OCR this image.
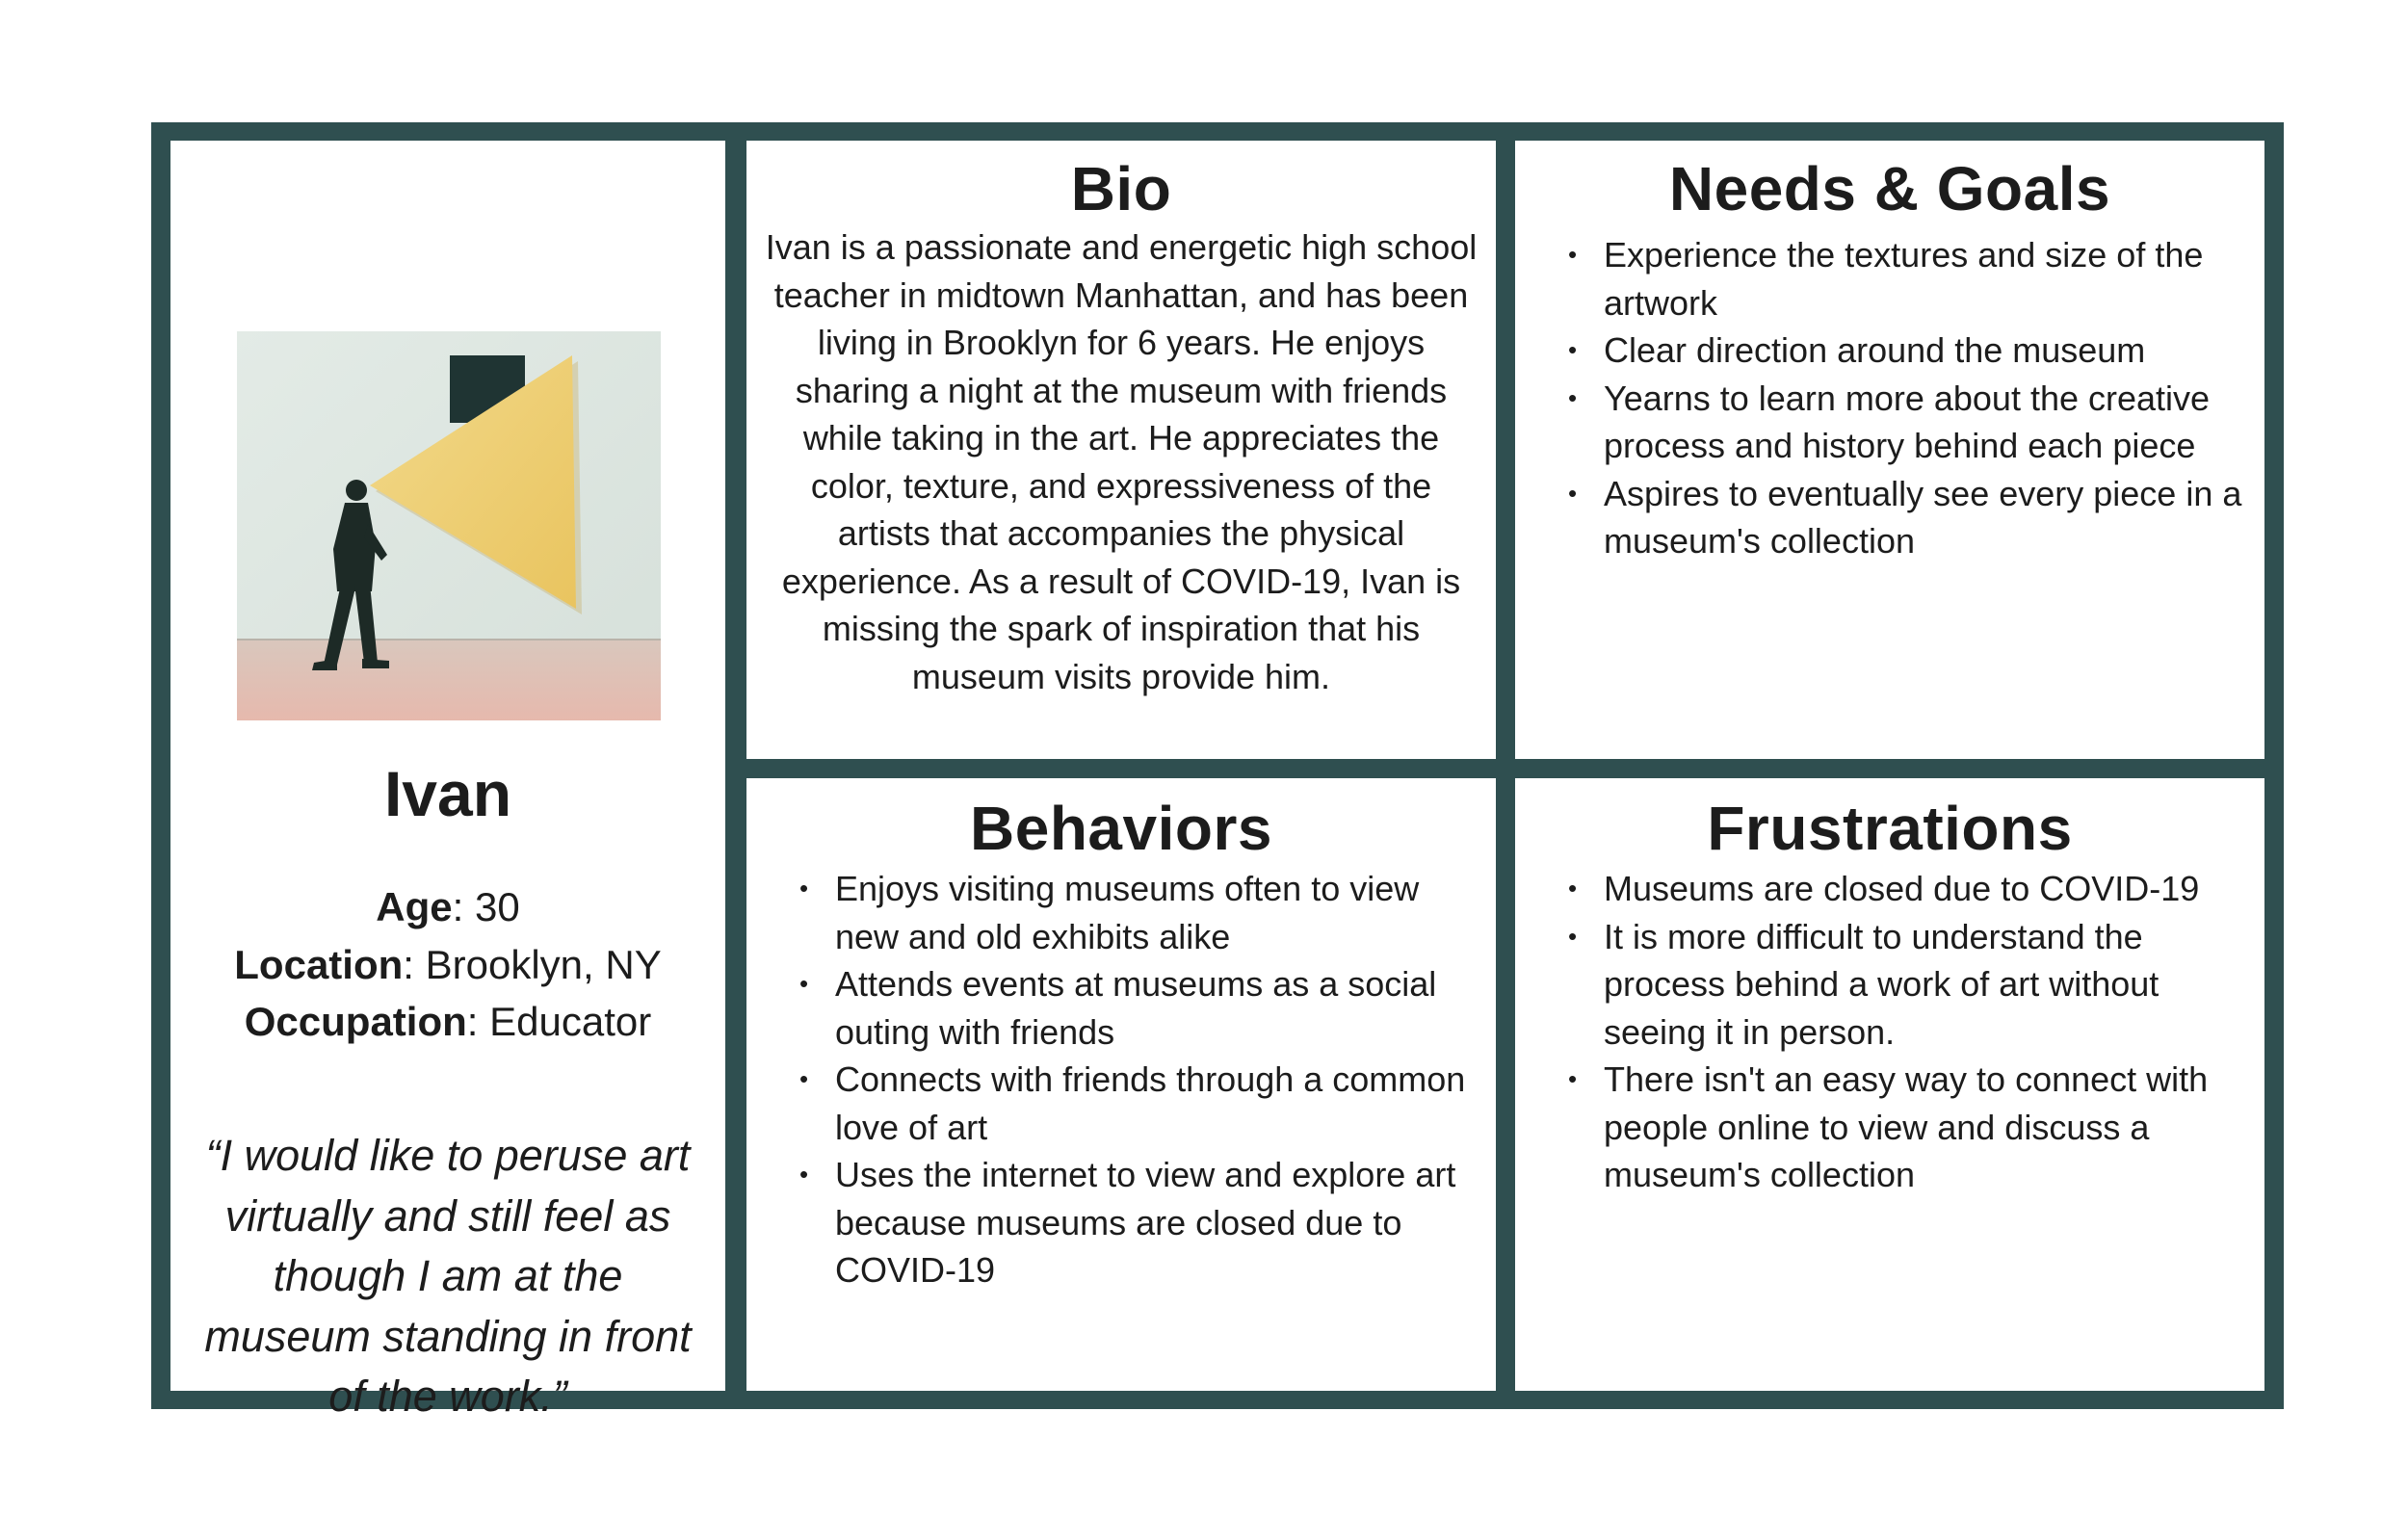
Ivan
Age: 30
Location: Brooklyn, NY
Occupation: Educator
“I would like to peruse art virtually and still feel as though I am at the museum standing in front of the work.”
Bio

Ivan is a passionate and energetic high school teacher in midtown Manhattan, and has been living in Brooklyn for 6 years. He enjoys sharing a night at the museum with friends while taking in the art. He appreciates the color, texture, and expressiveness of the artists that accompanies the physical experience. As a result of COVID-19, Ivan is missing the spark of inspiration that his museum visits provide him.

Needs & Goals
• Experience the textures and size of the artwork
• Clear direction around the museum
• Yearns to learn more about the creative process and history behind each piece
• Aspires to eventually see every piece in a museum's collection
Behaviors
• Enjoys visiting museums often to view new and old exhibits alike
• Attends events at museums as a social outing with friends
• Connects with friends through a common love of art
• Uses the internet to view and explore art because museums are closed due to COVID-19
Frustrations
• Museums are closed due to COVID-19
• It is more difficult to understand the process behind a work of art without seeing it in person.
• There isn't an easy way to connect with people online to view and discuss a museum's collection
